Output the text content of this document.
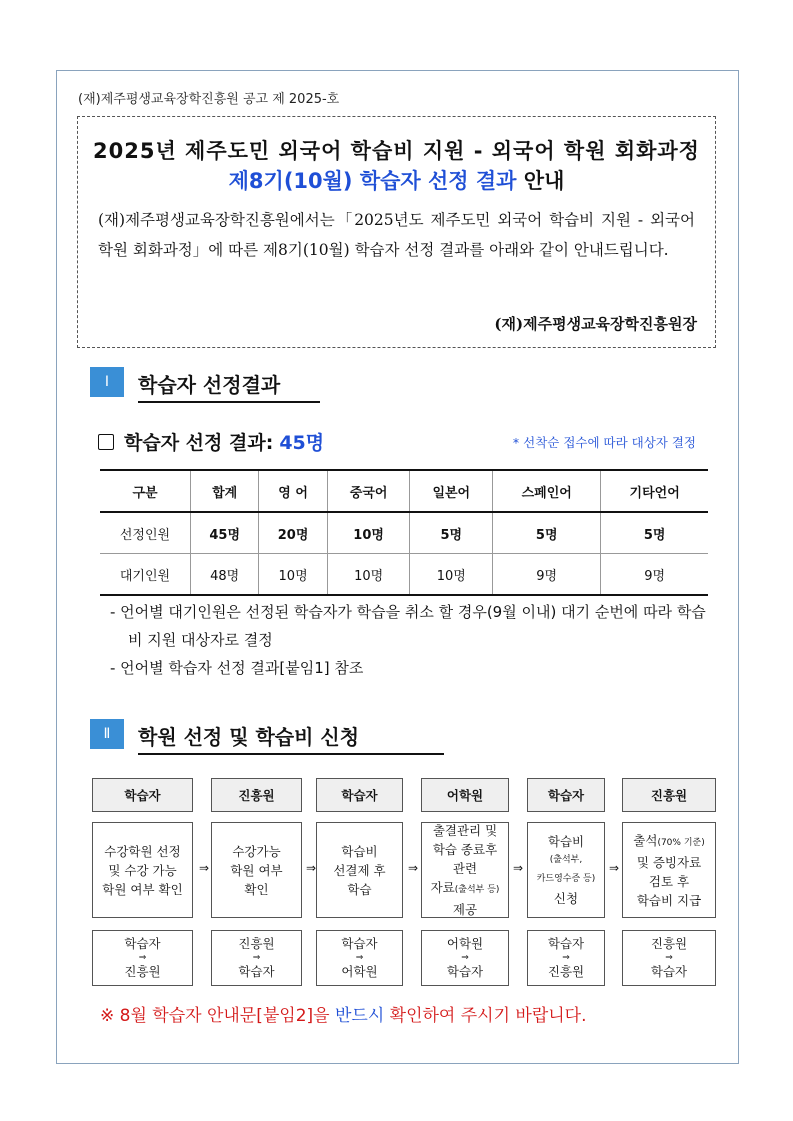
(재)제주평생교육장학진흥원 공고 제 2025-호
2025년 제주도민 외국어 학습비 지원 - 외국어 학원 회화과정
제8기(10월) 학습자 선정 결과 안내
(재)제주평생교육장학진흥원에서는「2025년도 제주도민 외국어 학습비 지원 - 외국어 학원 회화과정」에 따른 제8기(10월) 학습자 선정 결과를 아래와 같이 안내드립니다.
(재)제주평생교육장학진흥원장
Ⅰ	학습자 선정결과
학습자 선정 결과: 45명	* 선착순 접수에 따라 대상자 결정
구분	합계	영 어	중국어	일본어	스페인어	기타언어
선정인원	45명	20명	10명	5명	5명	5명
대기인원	48명	10명	10명	10명	9명	9명
- 언어별 대기인원은 선정된 학습자가 학습을 취소 할 경우(9월 이내) 대기 순번에 따라 학습비 지원 대상자로 결정
- 언어별 학습자 선정 결과[붙임1] 참조
Ⅱ	학원 선정 및 학습비 신청
학습자
수강학원 선정
및 수강 가능
학원 여부 확인
학습자
⇒
진흥원
⇒
진흥원
수강가능
학원 여부
확인
진흥원
⇒
학습자
⇒
학습자
학습비
선결제 후
학습
학습자
⇒
어학원
⇒
어학원
출결관리 및
학습 종료후
관련
자료(출석부 등)
제공
어학원
⇒
학습자
⇒
학습자
학습비
(출석부,
카드영수증 등)
신청
학습자
⇒
진흥원
⇒
진흥원
출석(70% 기준)
및 증빙자료
검토 후
학습비 지급
진흥원
⇒
학습자
※ 8월 학습자 안내문[붙임2]을 반드시 확인하여 주시기 바랍니다.
